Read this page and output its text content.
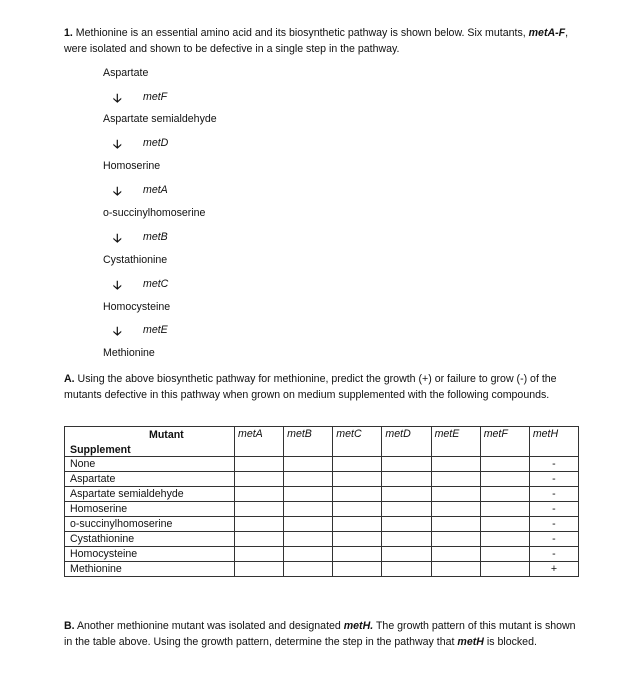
1. Methionine is an essential amino acid and its biosynthetic pathway is shown below. Six mutants, metA-F, were isolated and shown to be defective in a single step in the pathway.
Aspartate
🡣 metF
Aspartate semialdehyde
🡣 metD
Homoserine
🡣 metA
o-succinylhomoserine
🡣 metB
Cystathionine
🡣 metC
Homocysteine
🡣 metE
Methionine
A. Using the above biosynthetic pathway for methionine, predict the growth (+) or failure to grow (-) of the mutants defective in this pathway when grown on medium supplemented with the following compounds.
Mutant
Supplement	metA	metB	metC	metD	metE	metF	metH
None							-
Aspartate							-
Aspartate semialdehyde							-
Homoserine							-
o-succinylhomoserine							-
Cystathionine							-
Homocysteine							-
Methionine							+
B. Another methionine mutant was isolated and designated metH. The growth pattern of this mutant is shown in the table above. Using the growth pattern, determine the step in the pathway that metH is blocked.
